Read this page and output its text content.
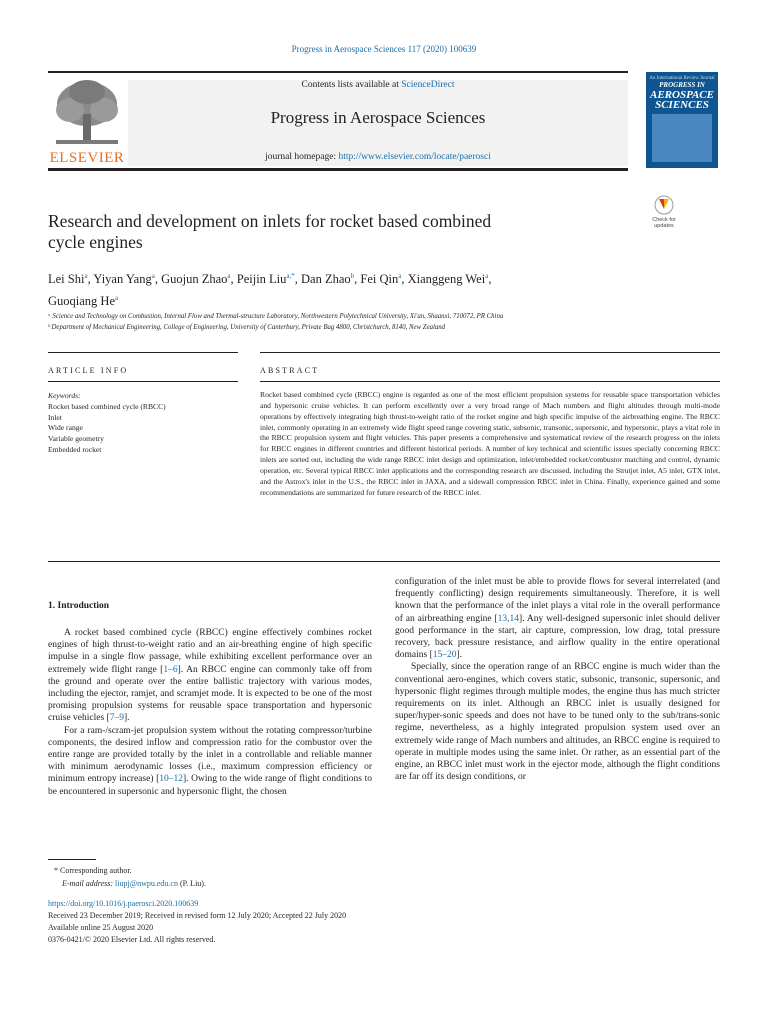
Progress in Aerospace Sciences 117 (2020) 100639
ELSEVIER
Contents lists available at ScienceDirect
Progress in Aerospace Sciences
journal homepage: http://www.elsevier.com/locate/paerosci
An International Review Journal
PROGRESS IN
AEROSPACE
SCIENCES
Check for
updates
Research and development on inlets for rocket based combined
cycle engines
Lei Shi$^a$, Yiyan Yang$^a$, Guojun Zhao$^a$, Peijin Liu$^{a,*}$, Dan Zhao$^b$, Fei Qin$^a$, Xianggeng Wei$^a$,
Guoqiang He$^a$
ᵃ Science and Technology on Combustion, Internal Flow and Thermal-structure Laboratory, Northwestern Polytechnical University, Xi'an, Shaanxi, 710072, PR China
ᵇ Department of Mechanical Engineering, College of Engineering, University of Canterbury, Private Bag 4800, Christchurch, 8140, New Zealand
ARTICLE INFO	ABSTRACT
Keywords:
Rocket based combined cycle (RBCC)
Inlet
Wide range
Variable geometry
Embedded rocket
Rocket based combined cycle (RBCC) engine is regarded as one of the most efficient propulsion systems for reusable space transportation vehicles and hypersonic cruise vehicles. It can perform excellently over a very broad range of Mach numbers and flight altitudes through multi-mode operations by effectively integrating high thrust-to-weight ratio of the rocket engine and high specific impulse of the airbreathing engine. The RBCC inlet, commonly operating in an extremely wide flight speed range covering static, subsonic, transonic, supersonic, and hypersonic, plays a vital role in the RBCC propulsion system and flight vehicles. This paper presents a comprehensive and systematical review of the research progress on the inlets for RBCC engines in different countries and different historical periods. A number of key technical and scientific issues specially concerning RBCC inlets are sorted out, including the wide range RBCC inlet design and optimization, inlet/embedded rocket/combustor matching and control, dynamic operation, etc. Several typical RBCC inlet applications and the corresponding research are discussed, including the Strutjet inlet, A5 inlet, GTX inlet, and the Astrox's inlet in the U.S., the RBCC inlet in JAXA, and a sidewall compression RBCC inlet in China. Finally, experience gained and some recommendations are summarized for future research of the RBCC inlet.
1. Introduction

A rocket based combined cycle (RBCC) engine effectively combines rocket engines of high thrust-to-weight ratio and an air-breathing engine of high specific impulse in a single flow passage, while exhibiting excellent performance over an extremely wide flight range [1–6]. An RBCC engine can commonly take off from the ground and operate over the entire ballistic trajectory with various modes, including the ejector, ramjet, and scramjet mode. It is expected to be one of the most promising propulsion systems for reusable space transportation and hypersonic cruise vehicles [7–9].

For a ram-/scram-jet propulsion system without the rotating compressor/turbine components, the desired inflow and compression ratio for the combustor over the entire range are provided totally by the inlet in a controllable and reliable manner with minimum aerodynamic losses (i.e., maximum compression efficiency or minimum entropy increase) [10–12]. Owing to the wide range of flight conditions to be encountered in supersonic and hypersonic flight, the chosen

configuration of the inlet must be able to provide flows for several interrelated (and frequently conflicting) design requirements simultaneously. Therefore, it is well known that the performance of the inlet plays a vital role in the overall performance of an airbreathing engine [13,14]. Any well-designed supersonic inlet should deliver good performance in the start, air capture, compression, low drag, total pressure recovery, back pressure resistance, and airflow quality in the entire operational domains [15–20].

Specially, since the operation range of an RBCC engine is much wider than the conventional aero-engines, which covers static, subsonic, transonic, supersonic, and hypersonic flight regimes through multiple modes, the engine thus has much stricter requirements on its inlet. Although an RBCC inlet is usually designed for super/hyper-sonic speeds and does not have to be tuned only to the sub/trans-sonic regime, nevertheless, as a highly integrated propulsion system used over an extremely wide range of Mach numbers and altitudes, an RBCC engine is required to operate in multiple modes using the same inlet. Or rather, as an essential part of the engine, an RBCC inlet must work in the ejector mode, although the flight conditions are far off its design conditions, or

* Corresponding author.
E-mail address: liupj@nwpu.edu.cn (P. Liu).
https://doi.org/10.1016/j.paerosci.2020.100639
Received 23 December 2019; Received in revised form 12 July 2020; Accepted 22 July 2020
Available online 25 August 2020
0376-0421/© 2020 Elsevier Ltd. All rights reserved.
